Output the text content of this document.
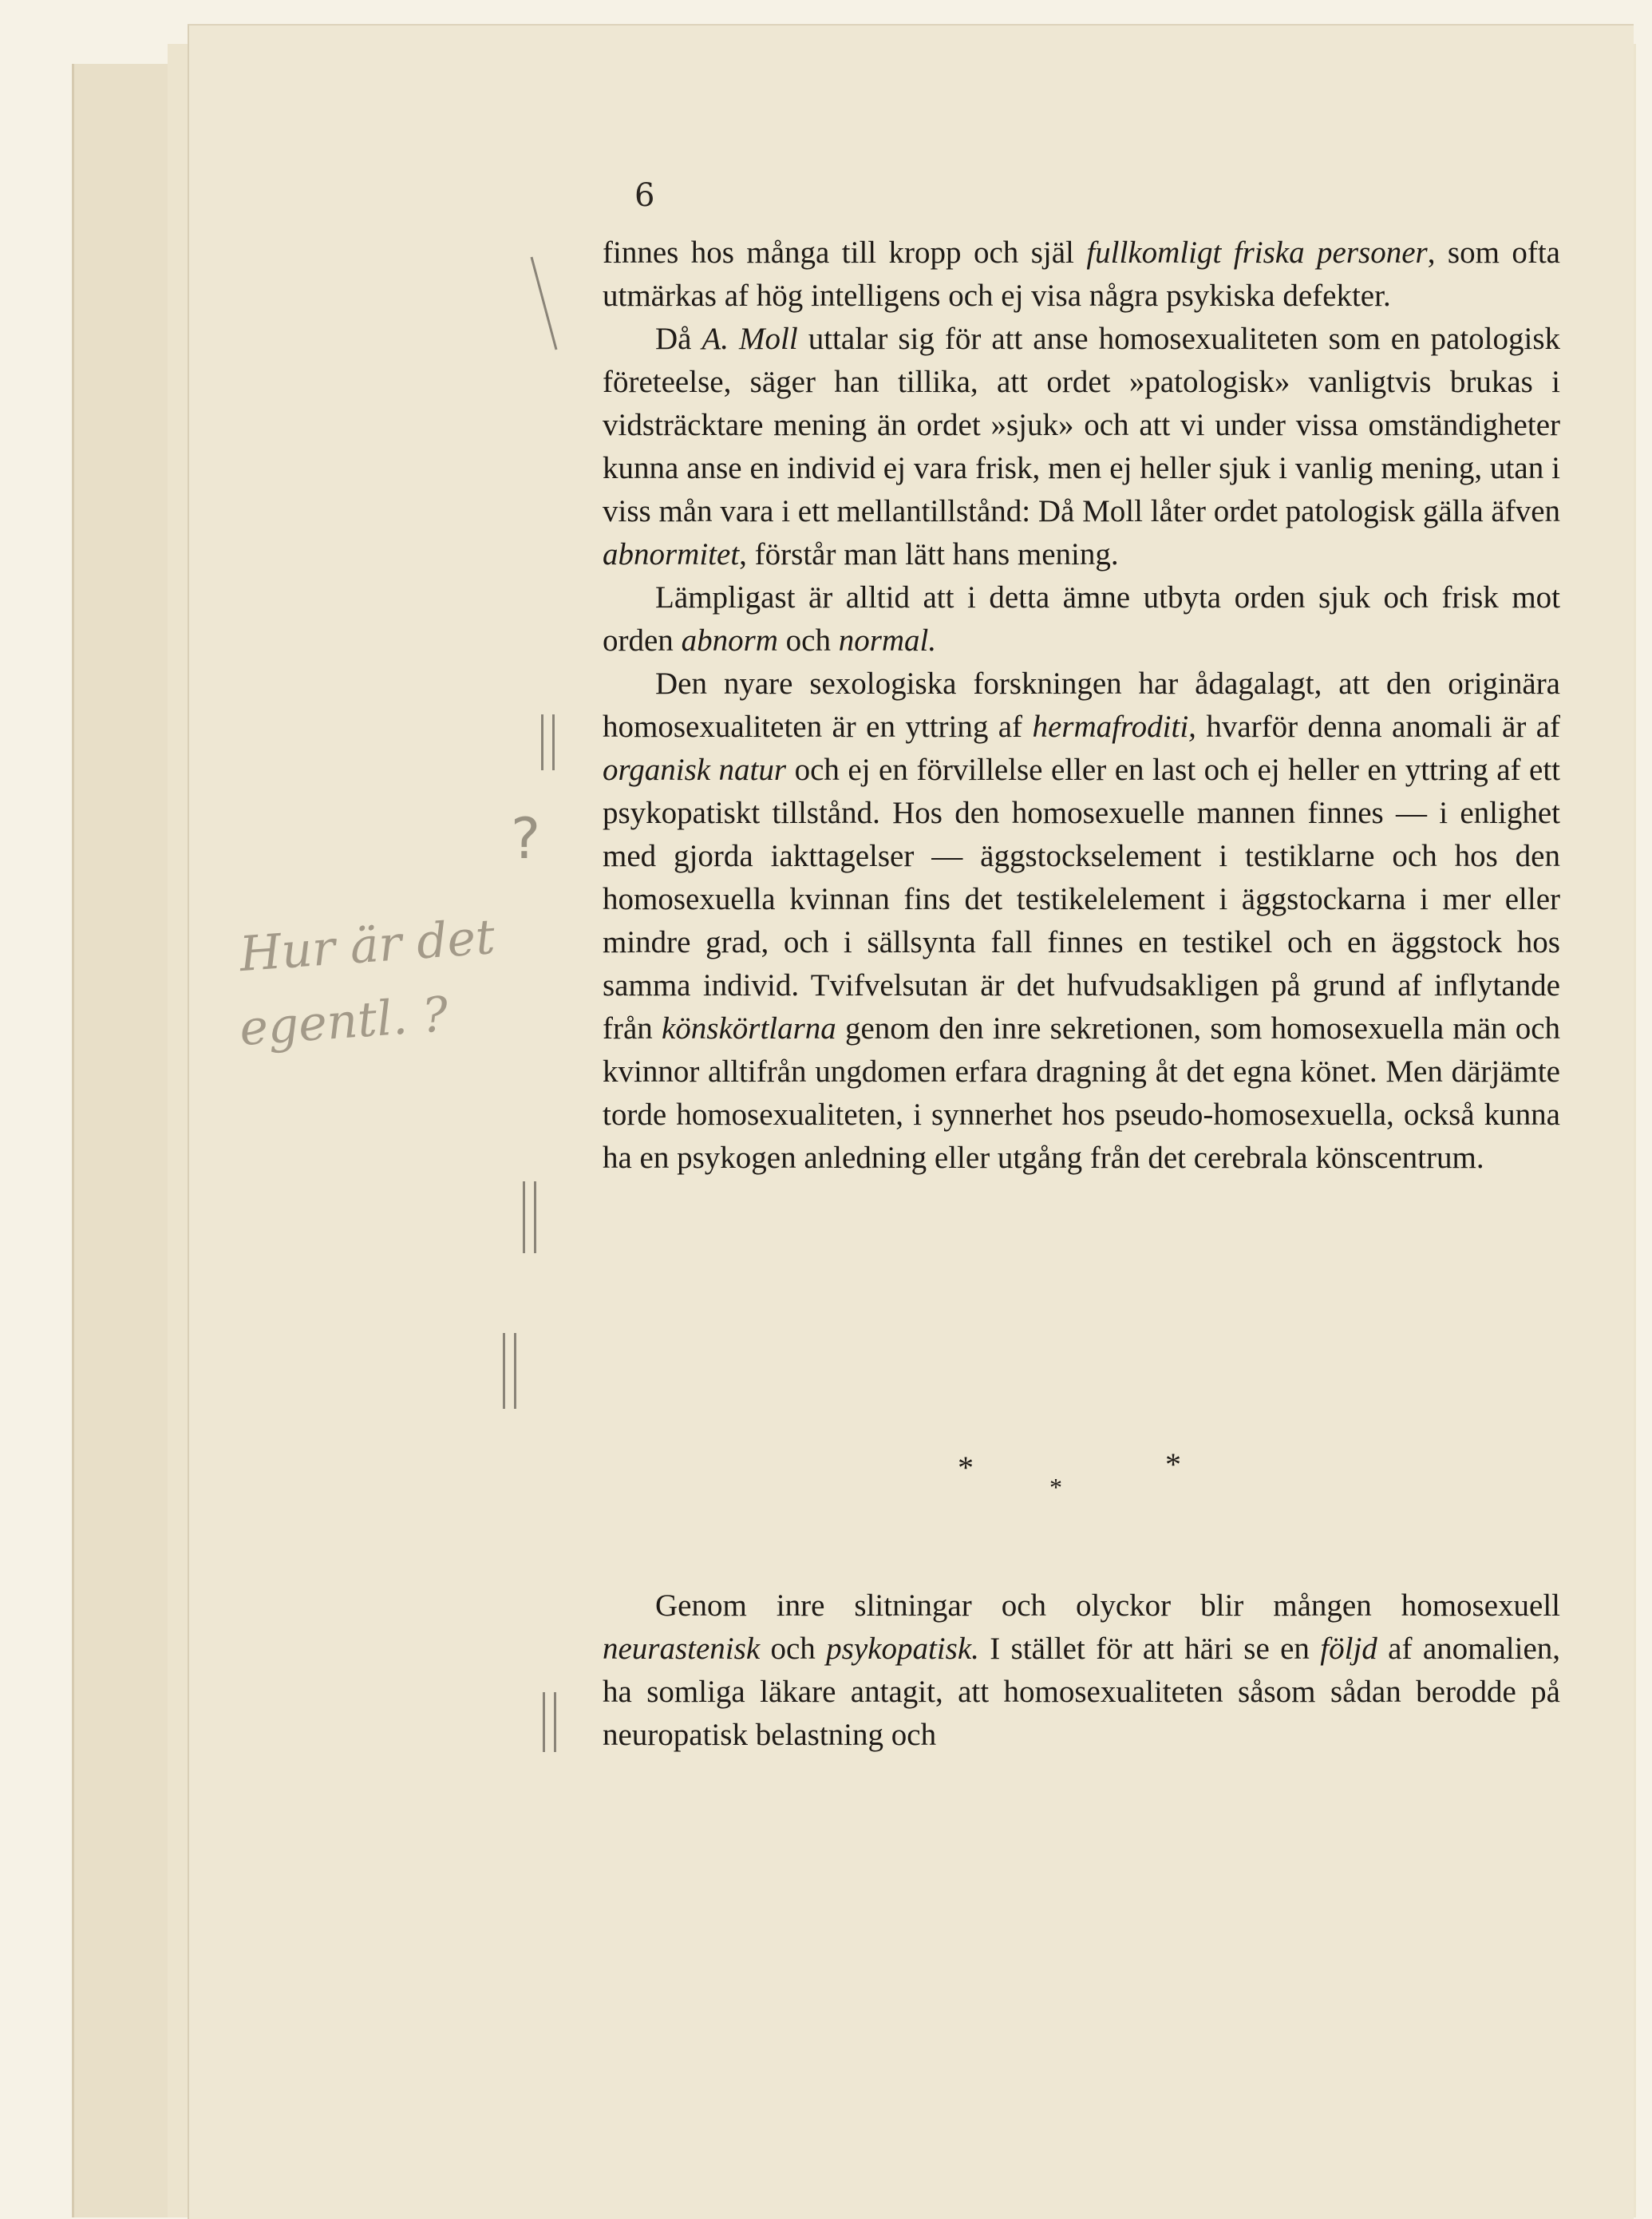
6

finnes hos många till kropp och själ fullkomligt friska personer, som ofta utmärkas af hög intelligens och ej visa några psykiska defekter.

Då A. Moll uttalar sig för att anse homosexualiteten som en patologisk företeelse, säger han tillika, att ordet »patologisk» vanligtvis brukas i vidsträcktare mening än ordet »sjuk» och att vi under vissa omständigheter kunna anse en individ ej vara frisk, men ej heller sjuk i vanlig mening, utan i viss mån vara i ett mellantillstånd: Då Moll låter ordet patologisk gälla äfven abnormitet, förstår man lätt hans mening.

Lämpligast är alltid att i detta ämne utbyta orden sjuk och frisk mot orden abnorm och normal.

Den nyare sexologiska forskningen har ådagalagt, att den originära homosexualiteten är en yttring af hermafroditi, hvarför denna anomali är af organisk natur och ej en förvillelse eller en last och ej heller en yttring af ett psykopatiskt tillstånd. Hos den homosexuelle mannen finnes — i enlighet med gjorda iakttagelser — äggstockselement i testiklarne och hos den homosexuella kvinnan fins det testikelelement i äggstockarna i mer eller mindre grad, och i sällsynta fall finnes en testikel och en äggstock hos samma individ. Tvifvelsutan är det hufvudsakligen på grund af inflytande från könskörtlarna genom den inre sekretionen, som homosexuella män och kvinnor alltifrån ungdomen erfara dragning åt det egna könet. Men därjämte torde homosexualiteten, i synnerhet hos pseudo-homosexuella, också kunna ha en psykogen anledning eller utgång från det cerebrala könscentrum.

*
*
*

Genom inre slitningar och olyckor blir mången homosexuell neurastenisk och psykopatisk. I stället för att häri se en följd af anomalien, ha somliga läkare antagit, att homosexualiteten såsom sådan berodde på neuropatisk belastning och

?
Hur är det
egentl. ?
